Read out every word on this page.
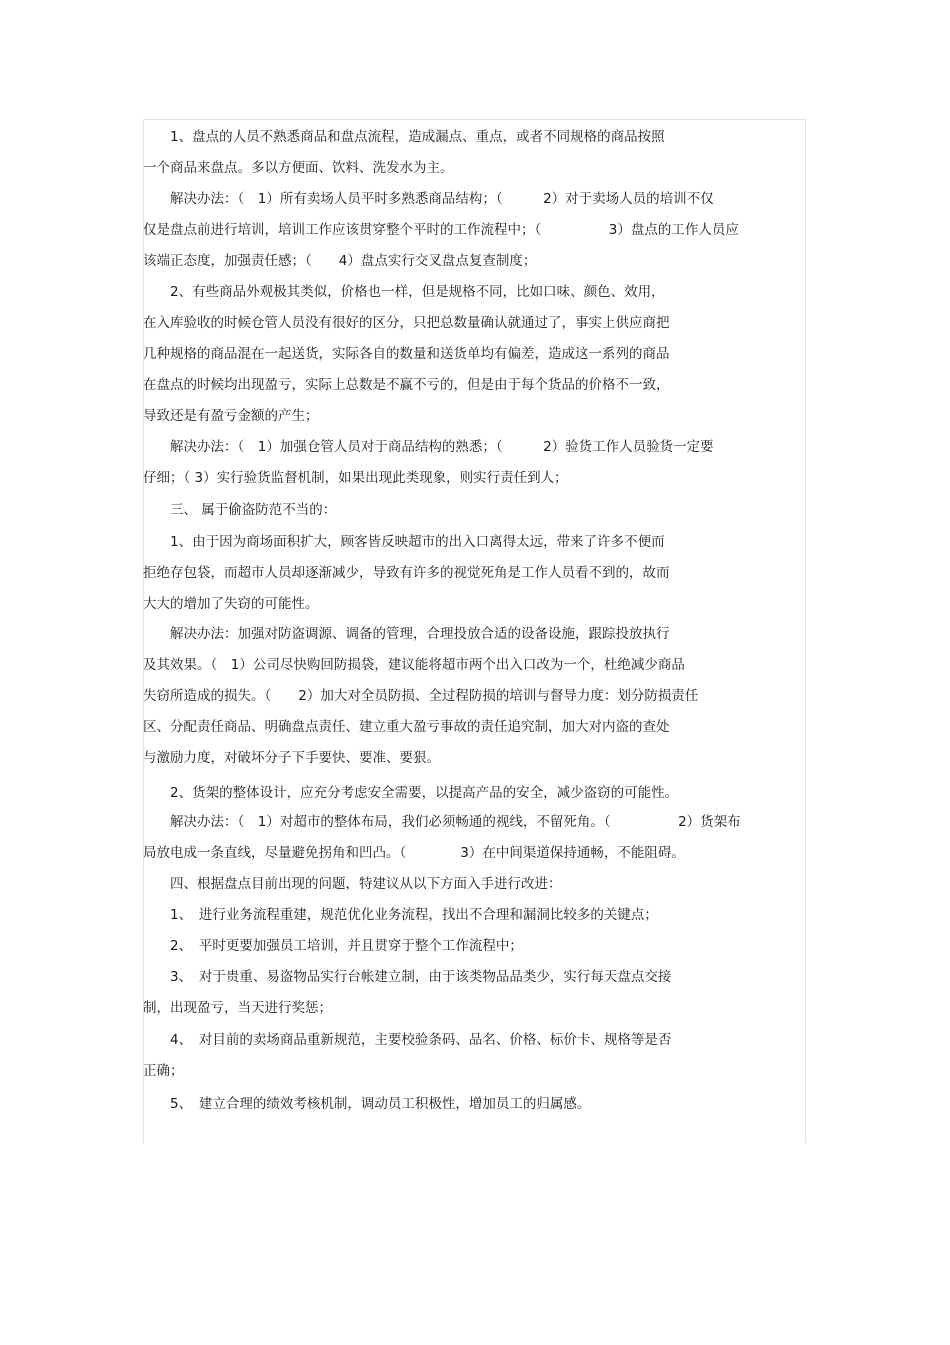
　　1、盘点的人员不熟悉商品和盘点流程，造成漏点、重点，或者不同规格的商品按照
一个商品来盘点。多以方便面、饮料、洗发水为主。
　　解决办法：（　1）所有卖场人员平时多熟悉商品结构；（　　　2）对于卖场人员的培训不仅
仅是盘点前进行培训，培训工作应该贯穿整个平时的工作流程中；（　　　　　3）盘点的工作人员应
该端正态度，加强责任感；（　　4）盘点实行交叉盘点复查制度；
　　2、有些商品外观极其类似，价格也一样，但是规格不同，比如口味、颜色、效用，
在入库验收的时候仓管人员没有很好的区分，只把总数量确认就通过了，事实上供应商把
几种规格的商品混在一起送货，实际各自的数量和送货单均有偏差，造成这一系列的商品
在盘点的时候均出现盈亏，实际上总数是不赢不亏的，但是由于每个货品的价格不一致，
导致还是有盈亏金额的产生；
　　解决办法：（　1）加强仓管人员对于商品结构的熟悉；（　　　2）验货工作人员验货一定要
仔细；（ 3）实行验货监督机制，如果出现此类现象，则实行责任到人；
　　三、 属于偷盗防范不当的：
　　1、由于因为商场面积扩大，顾客皆反映超市的出入口离得太远，带来了许多不便而
拒绝存包袋，而超市人员却逐渐减少，导致有许多的视觉死角是工作人员看不到的，故而
大大的增加了失窃的可能性。
　　解决办法：加强对防盗调源、调备的管理，合理投放合适的设备设施，跟踪投放执行
及其效果。（　1）公司尽快购回防损袋，建议能将超市两个出入口改为一个，杜绝减少商品
失窃所造成的损失。（　　2）加大对全员防损、全过程防损的培训与督导力度：划分防损责任
区、分配责任商品、明确盘点责任、建立重大盈亏事故的责任追究制，加大对内盗的查处
与激励力度，对破坏分子下手要快、要准、要狠。
　　2、货架的整体设计，应充分考虑安全需要，以提高产品的安全，减少盗窃的可能性。
　　解决办法：（　1）对超市的整体布局，我们必须畅通的视线，不留死角。（　　　　　2）货架布
局放电成一条直线，尽量避免拐角和凹凸。（　　　　3）在中间渠道保持通畅，不能阻碍。
　　四、根据盘点目前出现的问题，特建议从以下方面入手进行改进：
　　1、　进行业务流程重建，规范优化业务流程，找出不合理和漏洞比较多的关键点；
　　2、　平时更要加强员工培训，并且贯穿于整个工作流程中；
　　3、　对于贵重、易盗物品实行台帐建立制，由于该类物品品类少，实行每天盘点交接
制，出现盈亏，当天进行奖惩；
　　4、　对目前的卖场商品重新规范，主要校验条码、品名、价格、标价卡、规格等是否
正确；
　　5、　建立合理的绩效考核机制，调动员工积极性，增加员工的归属感。
